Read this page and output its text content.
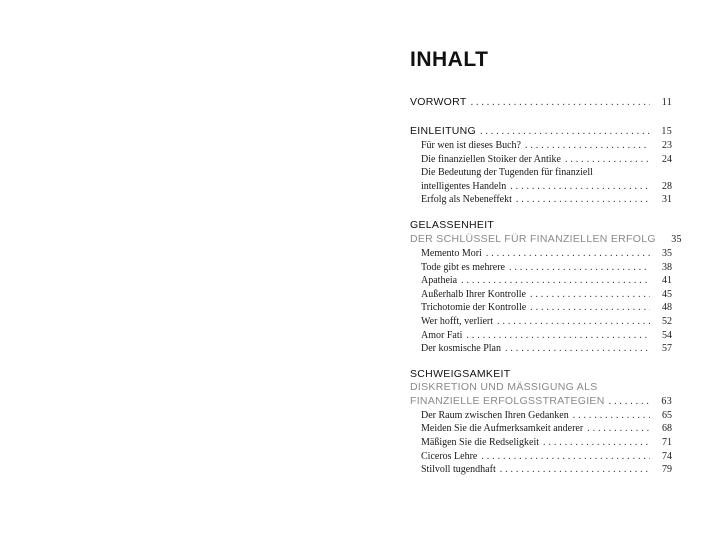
INHALT
VORWORT . . .	11
EINLEITUNG . . .	15
Für wen ist dieses Buch? . . .	23
Die finanziellen Stoiker der Antike . . .	24
Die Bedeutung der Tugenden für finanziell
intelligentes Handeln . . .	28
Erfolg als Nebeneffekt . . .	31
GELASSENHEIT
DER SCHLÜSSEL FÜR FINANZIELLEN ERFOLG	35
Memento Mori . . .	35
Tode gibt es mehrere . . .	38
Apatheia . . .	41
Außerhalb Ihrer Kontrolle . . .	45
Trichotomie der Kontrolle . . .	48
Wer hofft, verliert . . .	52
Amor Fati . . .	54
Der kosmische Plan . . .	57
SCHWEIGSAMKEIT
DISKRETION UND MÄSSIGUNG ALS
FINANZIELLE ERFOLGSSTRATEGIEN . . .	63
Der Raum zwischen Ihren Gedanken . . .	65
Meiden Sie die Aufmerksamkeit anderer . . .	68
Mäßigen Sie die Redseligkeit . . .	71
Ciceros Lehre . . .	74
Stilvoll tugendhaft . . .	79
